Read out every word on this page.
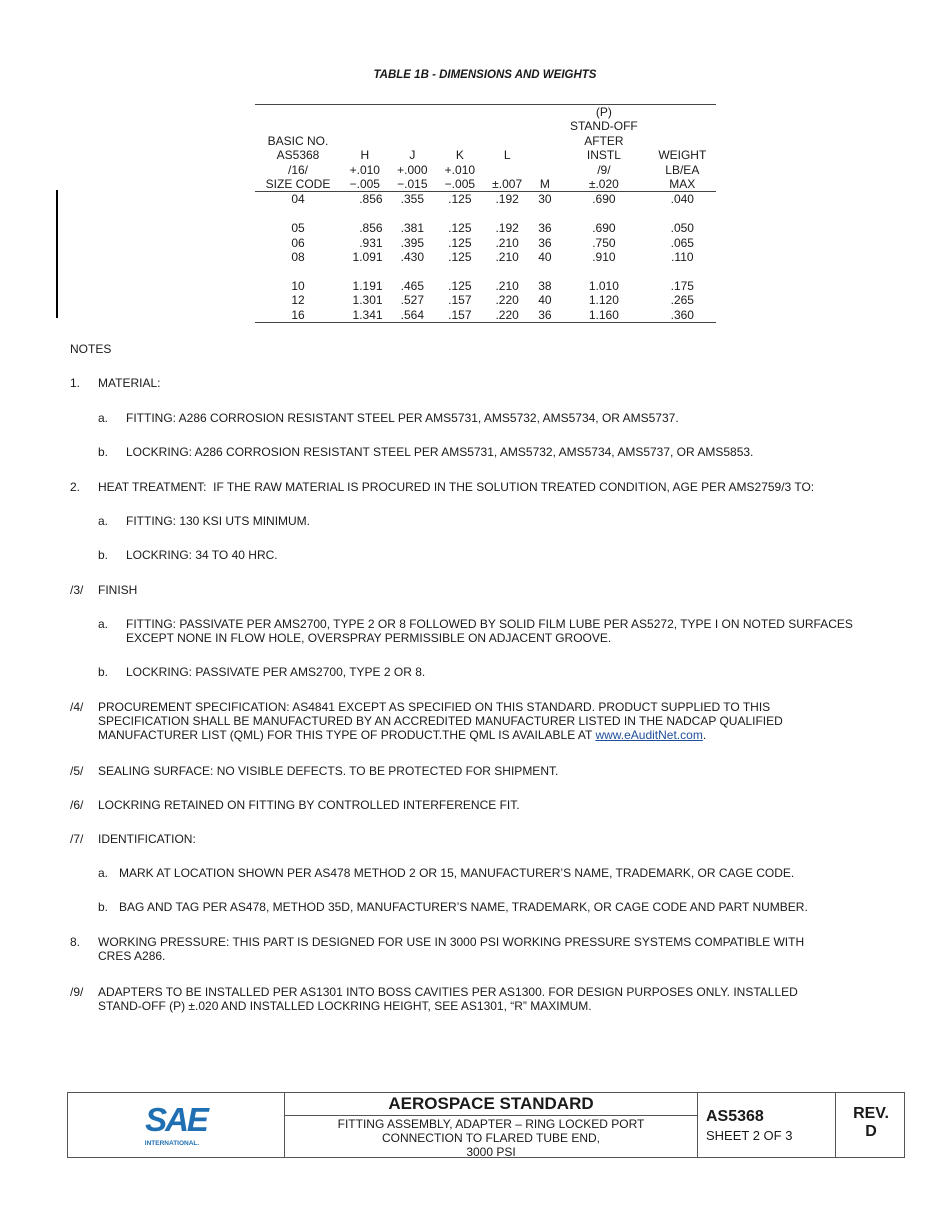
TABLE 1B - DIMENSIONS AND WEIGHTS
						(P)	
						STAND-OFF	
BASIC NO.						AFTER	
AS5368	H	J	K	L		INSTL	WEIGHT
/16/	+.010	+.000	+.010			/9/	LB/EA
SIZE CODE	−.005	−.015	−.005	±.007	M	±.020	MAX
04	.856	.355	.125	.192	30	.690	.040

05	.856	.381	.125	.192	36	.690	.050
06	.931	.395	.125	.210	36	.750	.065
08	1.091	.430	.125	.210	40	.910	.110

10	1.191	.465	.125	.210	38	1.010	.175
12	1.301	.527	.157	.220	40	1.120	.265
16	1.341	.564	.157	.220	36	1.160	.360
NOTES
1.	MATERIAL:
a.	FITTING: A286 CORROSION RESISTANT STEEL PER AMS5731, AMS5732, AMS5734, OR AMS5737.
b.	LOCKRING: A286 CORROSION RESISTANT STEEL PER AMS5731, AMS5732, AMS5734, AMS5737, OR AMS5853.
2.	HEAT TREATMENT:  IF THE RAW MATERIAL IS PROCURED IN THE SOLUTION TREATED CONDITION, AGE PER AMS2759/3 TO:
a.	FITTING: 130 KSI UTS MINIMUM.
b.	LOCKRING: 34 TO 40 HRC.
/3/	FINISH
a.	FITTING: PASSIVATE PER AMS2700, TYPE 2 OR 8 FOLLOWED BY SOLID FILM LUBE PER AS5272, TYPE I ON NOTED SURFACES
EXCEPT NONE IN FLOW HOLE, OVERSPRAY PERMISSIBLE ON ADJACENT GROOVE.
b.	LOCKRING: PASSIVATE PER AMS2700, TYPE 2 OR 8.
/4/	PROCUREMENT SPECIFICATION: AS4841 EXCEPT AS SPECIFIED ON THIS STANDARD. PRODUCT SUPPLIED TO THIS
SPECIFICATION SHALL BE MANUFACTURED BY AN ACCREDITED MANUFACTURER LISTED IN THE NADCAP QUALIFIED
MANUFACTURER LIST (QML) FOR THIS TYPE OF PRODUCT.THE QML IS AVAILABLE AT www.eAuditNet.com.
/5/	SEALING SURFACE: NO VISIBLE DEFECTS. TO BE PROTECTED FOR SHIPMENT.
/6/	LOCKRING RETAINED ON FITTING BY CONTROLLED INTERFERENCE FIT.
/7/	IDENTIFICATION:
a. MARK AT LOCATION SHOWN PER AS478 METHOD 2 OR 15, MANUFACTURER’S NAME, TRADEMARK, OR CAGE CODE.
b. BAG AND TAG PER AS478, METHOD 35D, MANUFACTURER’S NAME, TRADEMARK, OR CAGE CODE AND PART NUMBER.
8.	WORKING PRESSURE: THIS PART IS DESIGNED FOR USE IN 3000 PSI WORKING PRESSURE SYSTEMS COMPATIBLE WITH
CRES A286.
/9/	ADAPTERS TO BE INSTALLED PER AS1301 INTO BOSS CAVITIES PER AS1300. FOR DESIGN PURPOSES ONLY. INSTALLED
STAND-OFF (P) ±.020 AND INSTALLED LOCKRING HEIGHT, SEE AS1301, “R” MAXIMUM.
SAE
INTERNATIONAL.
AEROSPACE STANDARD
FITTING ASSEMBLY, ADAPTER – RING LOCKED PORT
CONNECTION TO FLARED TUBE END,
3000 PSI
AS5368
SHEET 2 OF 3
REV.
D
